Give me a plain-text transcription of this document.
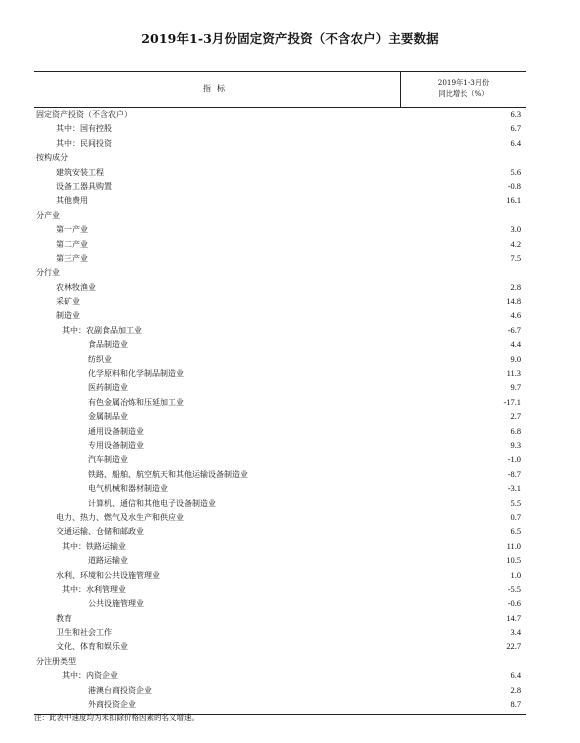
2019年1-3月份固定资产投资（不含农户）主要数据
指标
2019年1-3月份
同比增长（%）
固定资产投资（不含农户）	6.3
其中：国有控股	6.7
其中：民间投资	6.4
按构成分
建筑安装工程	5.6
设备工器具购置	-0.8
其他费用	16.1
分产业
第一产业	3.0
第二产业	4.2
第三产业	7.5
分行业
农林牧渔业	2.8
采矿业	14.8
制造业	4.6
其中：农副食品加工业	-6.7
食品制造业	4.4
纺织业	9.0
化学原料和化学制品制造业	11.3
医药制造业	9.7
有色金属冶炼和压延加工业	-17.1
金属制品业	2.7
通用设备制造业	6.8
专用设备制造业	9.3
汽车制造业	-1.0
铁路、船舶、航空航天和其他运输设备制造业	-8.7
电气机械和器材制造业	-3.1
计算机、通信和其他电子设备制造业	5.5
电力、热力、燃气及水生产和供应业	0.7
交通运输、仓储和邮政业	6.5
其中：铁路运输业	11.0
道路运输业	10.5
水利、环境和公共设施管理业	1.0
其中：水利管理业	-5.5
公共设施管理业	-0.6
教育	14.7
卫生和社会工作	3.4
文化、体育和娱乐业	22.7
分注册类型
其中：内资企业	6.4
港澳台商投资企业	2.8
外商投资企业	8.7
注：此表中速度均为未扣除价格因素的名义增速。
